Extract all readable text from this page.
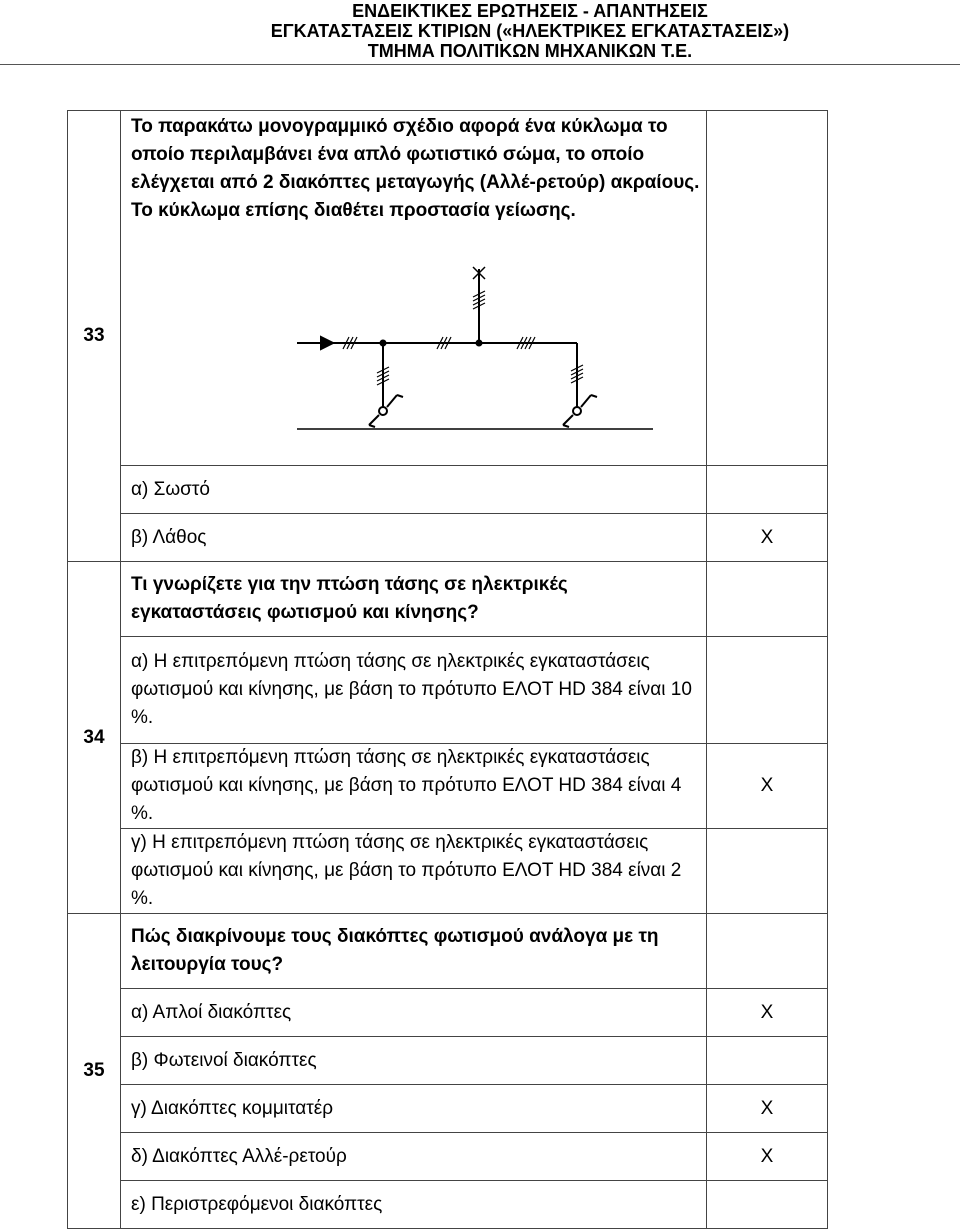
ΕΝΔΕΙΚΤΙΚΕΣ ΕΡΩΤΗΣΕΙΣ - ΑΠΑΝΤΗΣΕΙΣ
ΕΓΚΑΤΑΣΤΑΣΕΙΣ ΚΤΙΡΙΩΝ («ΗΛΕΚΤΡΙΚΕΣ ΕΓΚΑΤΑΣΤΑΣΕΙΣ»)
ΤΜΗΜΑ ΠΟΛΙΤΙΚΩΝ ΜΗΧΑΝΙΚΩΝ Τ.Ε.
33	Το παρακάτω μονογραμμικό σχέδιο αφορά ένα κύκλωμα το οποίο περιλαμβάνει ένα απλό φωτιστικό σώμα, το οποίο ελέγχεται από 2 διακόπτες μεταγωγής (Αλλέ-ρετούρ) ακραίους. Το κύκλωμα επίσης διαθέτει προστασία γείωσης.	

	α) Σωστό	
	β) Λάθος	X
34	Τι γνωρίζετε για την πτώση τάσης σε ηλεκτρικές εγκαταστάσεις φωτισμού και κίνησης?	
	α) Η επιτρεπόμενη πτώση τάσης σε ηλεκτρικές εγκαταστάσεις φωτισμού και κίνησης, με βάση το πρότυπο ΕΛΟΤ HD 384 είναι 10 %.	
	β) Η επιτρεπόμενη πτώση τάσης σε ηλεκτρικές εγκαταστάσεις φωτισμού και κίνησης, με βάση το πρότυπο ΕΛΟΤ HD 384 είναι 4 %.	X
	γ) Η επιτρεπόμενη πτώση τάσης σε ηλεκτρικές εγκαταστάσεις φωτισμού και κίνησης, με βάση το πρότυπο ΕΛΟΤ HD 384 είναι 2 %.	
35	Πώς διακρίνουμε τους διακόπτες φωτισμού ανάλογα με τη λειτουργία τους?	
	α) Απλοί διακόπτες	X
	β) Φωτεινοί διακόπτες	
	γ) Διακόπτες κομμιτατέρ	X
	δ) Διακόπτες Αλλέ-ρετούρ	X
	ε) Περιστρεφόμενοι διακόπτες	
